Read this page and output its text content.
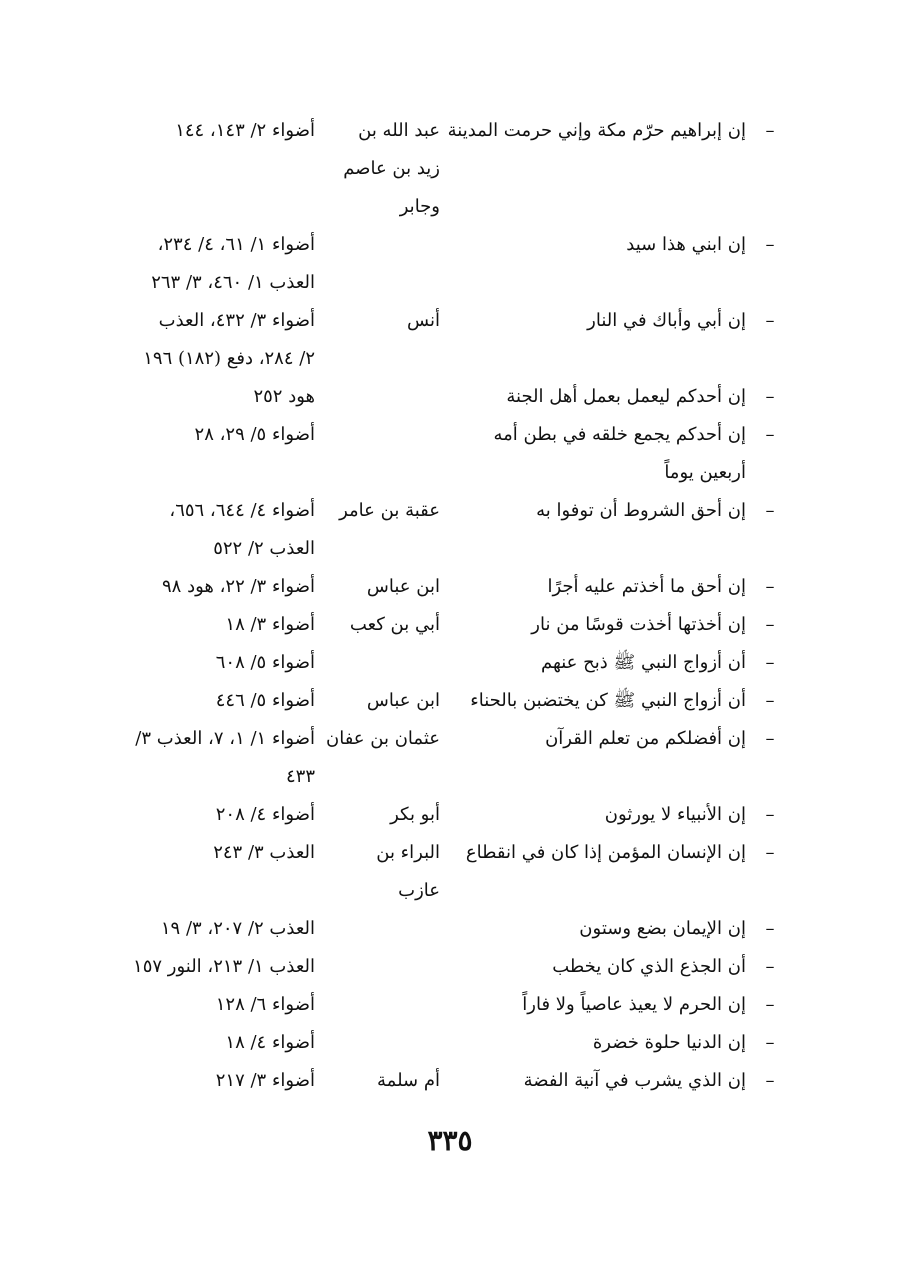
–
إن إبراهيم حرّم مكة وإني حرمت المدينة
عبد الله بن
زيد بن عاصم
وجابر
أضواء ٢/ ١٤٣، ١٤٤
–
إن ابني هذا سيد
أضواء ١/ ٦١، ٤/ ٢٣٤،
العذب ١/ ٤٦٠، ٣/ ٢٦٣
–
إن أبي وأباك في النار
أنس
أضواء ٣/ ٤٣٢، العذب
٢/ ٢٨٤، دفع (١٨٢) ١٩٦
–
إن أحدكم ليعمل بعمل أهل الجنة
هود ٢٥٢
–
إن أحدكم يجمع خلقه في بطن أمه
أربعين يوماً
أضواء ٥/ ٢٩، ٢٨
–
إن أحق الشروط أن توفوا به
عقبة بن عامر
أضواء ٤/ ٦٤٤، ٦٥٦،
العذب ٢/ ٥٢٢
–
إن أحق ما أخذتم عليه أجرًا
ابن عباس
أضواء ٣/ ٢٢، هود ٩٨
–
إن أخذتها أخذت قوسًا من نار
أبي بن كعب
أضواء ٣/ ١٨
–
أن أزواج النبي ﷺ ذبح عنهم
أضواء ٥/ ٦٠٨
–
أن أزواج النبي ﷺ كن يختضبن بالحناء
ابن عباس
أضواء ٥/ ٤٤٦
–
إن أفضلكم من تعلم القرآن
عثمان بن عفان
أضواء ١/ ١، ٧، العذب ٣/
٤٣٣
–
إن الأنبياء لا يورثون
أبو بكر
أضواء ٤/ ٢٠٨
–
إن الإنسان المؤمن إذا كان في انقطاع
البراء بن
عازب
العذب ٣/ ٢٤٣
–
إن الإيمان بضع وستون
العذب ٢/ ٢٠٧، ٣/ ١٩
–
أن الجذع الذي كان يخطب
العذب ١/ ٢١٣، النور ١٥٧
–
إن الحرم لا يعيذ عاصياً ولا فاراً
أضواء ٦/ ١٢٨
–
إن الدنيا حلوة خضرة
أضواء ٤/ ١٨
–
إن الذي يشرب في آنية الفضة
أم سلمة
أضواء ٣/ ٢١٧
٣٣٥
